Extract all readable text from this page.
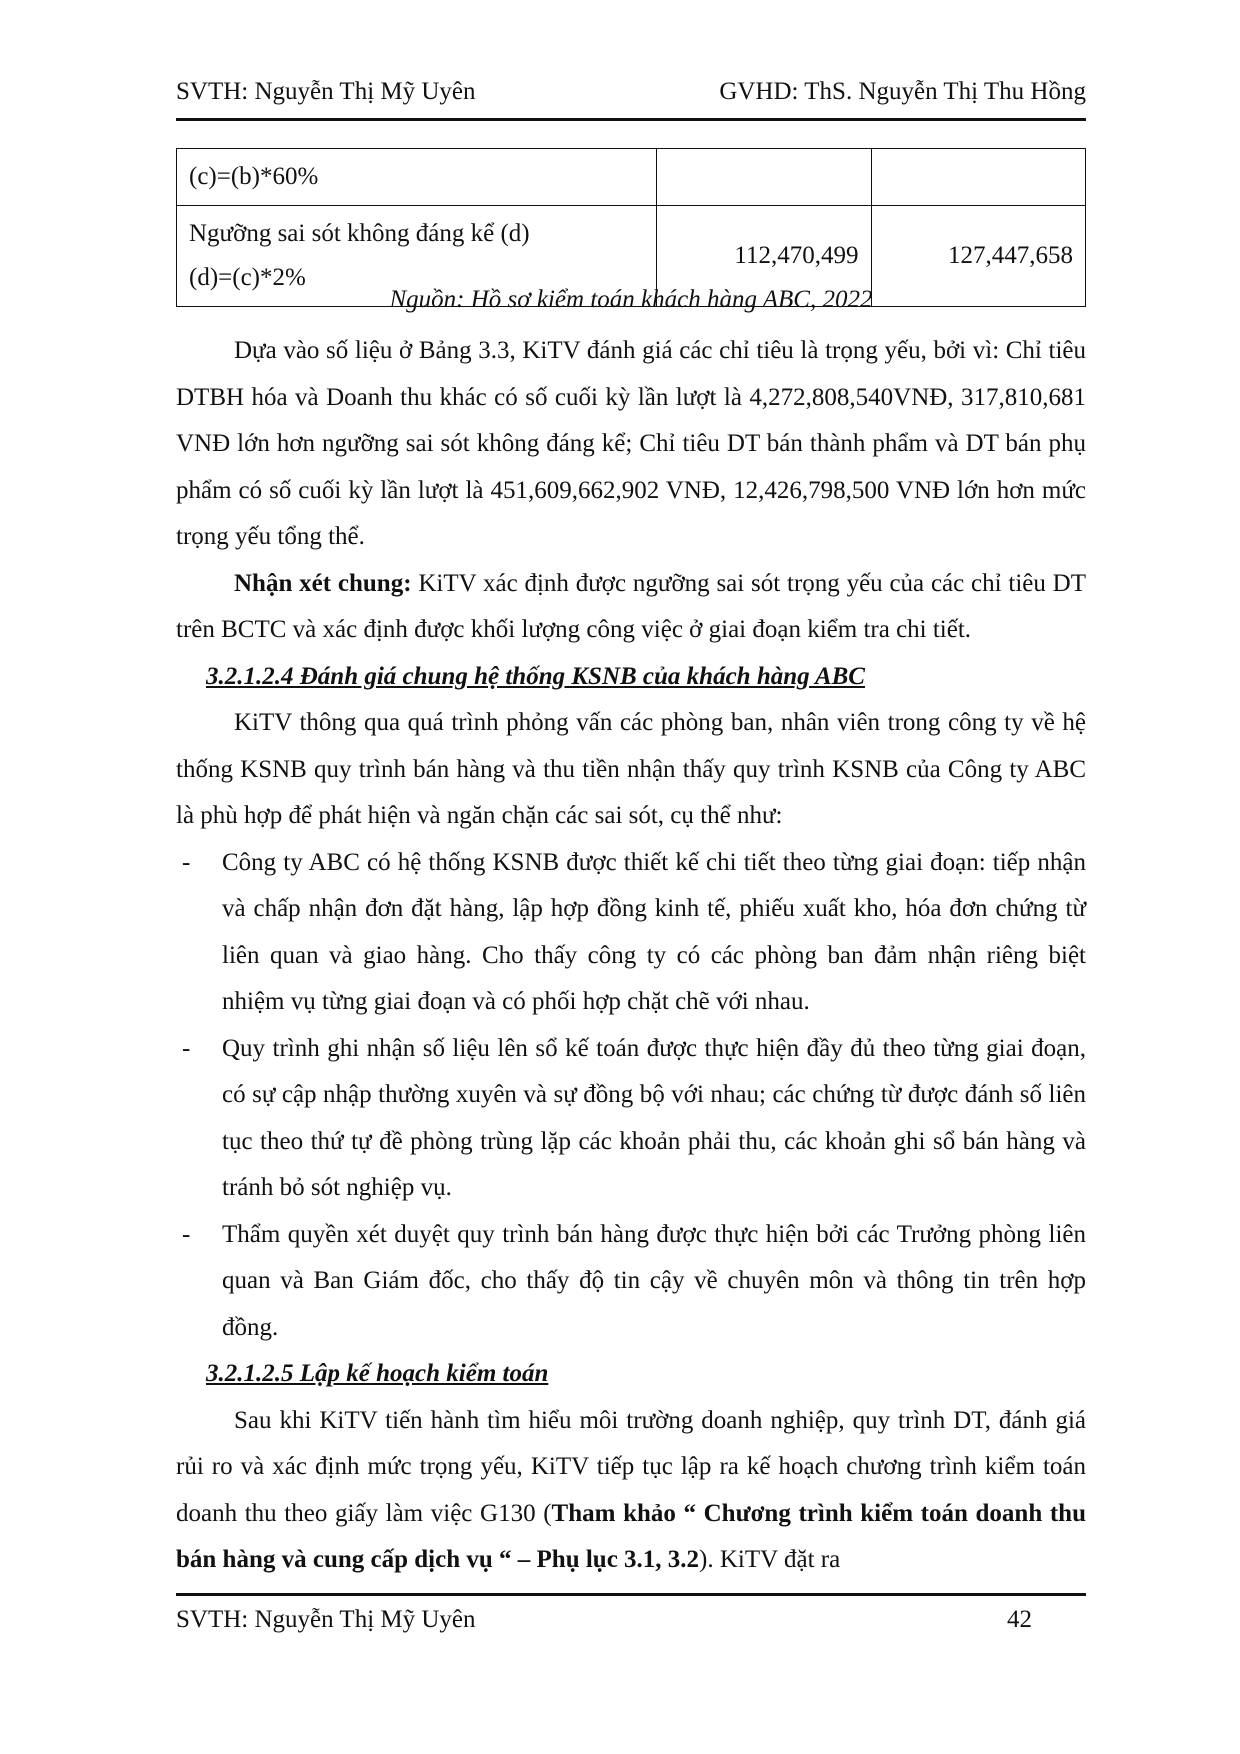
SVTH: Nguyễn Thị Mỹ Uyên	GVHD: ThS. Nguyễn Thị Thu Hồng
(c)=(b)*60%		

Ngưỡng sai sót không đáng kể (d)
(d)=(c)*2%	112,470,499	127,447,658
Nguồn: Hồ sơ kiểm toán khách hàng ABC, 2022

Dựa vào số liệu ở Bảng 3.3, KiTV đánh giá các chỉ tiêu là trọng yếu, bởi vì: Chỉ tiêu DTBH hóa và Doanh thu khác có số cuối kỳ lần lượt là 4,272,808,540VNĐ, 317,810,681 VNĐ lớn hơn ngưỡng sai sót không đáng kể; Chỉ tiêu DT bán thành phẩm và DT bán phụ phẩm có số cuối kỳ lần lượt là 451,609,662,902 VNĐ, 12,426,798,500 VNĐ lớn hơn mức trọng yếu tổng thể.

Nhận xét chung: KiTV xác định được ngưỡng sai sót trọng yếu của các chỉ tiêu DT trên BCTC và xác định được khối lượng công việc ở giai đoạn kiểm tra chi tiết.

3.2.1.2.4 Đánh giá chung hệ thống KSNB của khách hàng ABC

KiTV thông qua quá trình phỏng vấn các phòng ban, nhân viên trong công ty về hệ thống KSNB quy trình bán hàng và thu tiền nhận thấy quy trình KSNB của Công ty ABC là phù hợp để phát hiện và ngăn chặn các sai sót, cụ thể như:

- Công ty ABC có hệ thống KSNB được thiết kế chi tiết theo từng giai đoạn: tiếp nhận và chấp nhận đơn đặt hàng, lập hợp đồng kinh tế, phiếu xuất kho, hóa đơn chứng từ liên quan và giao hàng. Cho thấy công ty có các phòng ban đảm nhận riêng biệt nhiệm vụ từng giai đoạn và có phối hợp chặt chẽ với nhau.
- Quy trình ghi nhận số liệu lên sổ kế toán được thực hiện đầy đủ theo từng giai đoạn, có sự cập nhập thường xuyên và sự đồng bộ với nhau; các chứng từ được đánh số liên tục theo thứ tự đề phòng trùng lặp các khoản phải thu, các khoản ghi sổ bán hàng và tránh bỏ sót nghiệp vụ.
- Thẩm quyền xét duyệt quy trình bán hàng được thực hiện bởi các Trưởng phòng liên quan và Ban Giám đốc, cho thấy độ tin cậy về chuyên môn và thông tin trên hợp đồng.
3.2.1.2.5 Lập kế hoạch kiểm toán

Sau khi KiTV tiến hành tìm hiểu môi trường doanh nghiệp, quy trình DT, đánh giá rủi ro và xác định mức trọng yếu, KiTV tiếp tục lập ra kế hoạch chương trình kiểm toán doanh thu theo giấy làm việc G130 (Tham khảo “ Chương trình kiểm toán doanh thu bán hàng và cung cấp dịch vụ “ – Phụ lục 3.1, 3.2). KiTV đặt ra

SVTH: Nguyễn Thị Mỹ Uyên	42
